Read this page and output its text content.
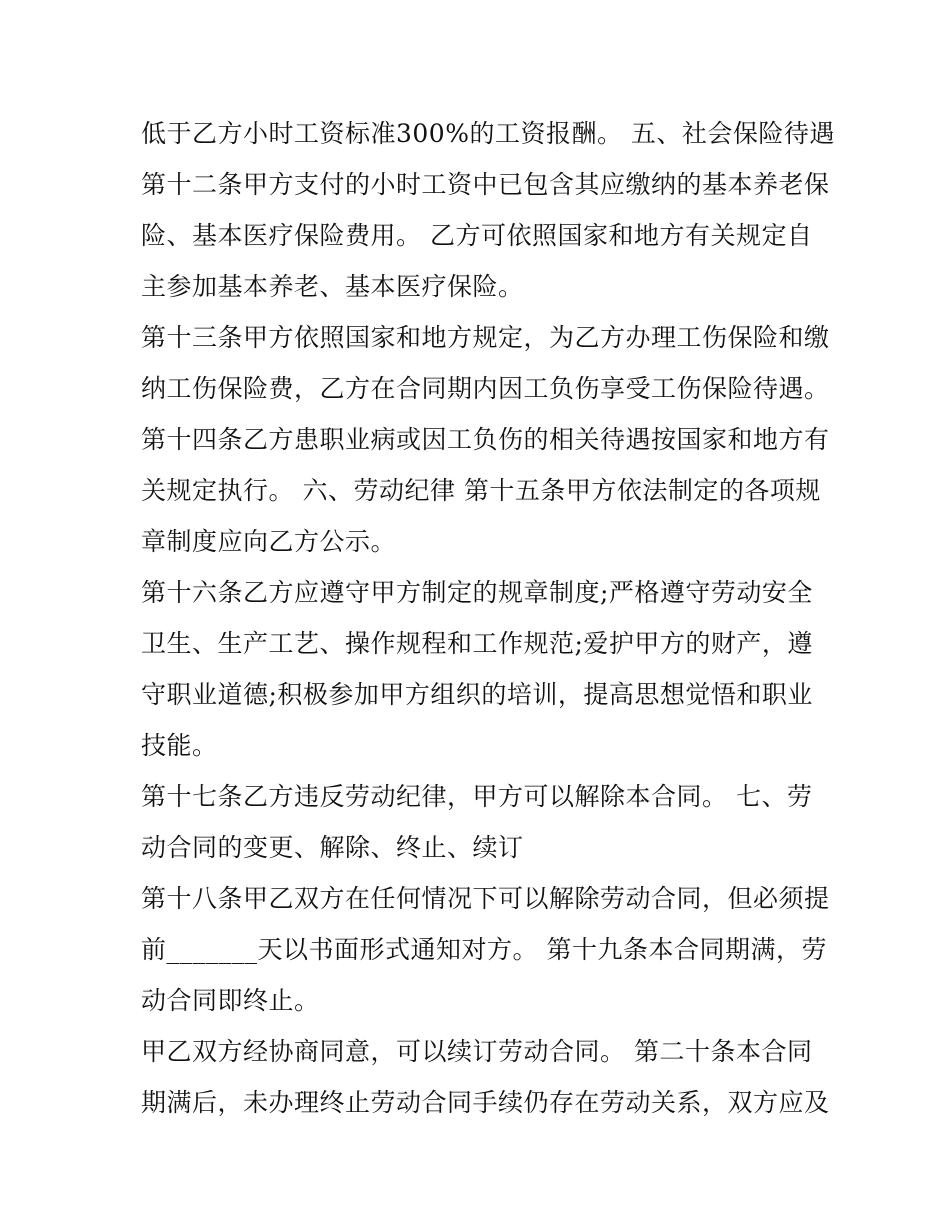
低于乙方小时工资标准300%的工资报酬。 五、社会保险待遇
第十二条甲方支付的小时工资中已包含其应缴纳的基本养老保
险、基本医疗保险费用。 乙方可依照国家和地方有关规定自
主参加基本养老、基本医疗保险。
第十三条甲方依照国家和地方规定，为乙方办理工伤保险和缴
纳工伤保险费，乙方在合同期内因工负伤享受工伤保险待遇。
第十四条乙方患职业病或因工负伤的相关待遇按国家和地方有
关规定执行。 六、劳动纪律 第十五条甲方依法制定的各项规
章制度应向乙方公示。
第十六条乙方应遵守甲方制定的规章制度;严格遵守劳动安全
卫生、生产工艺、操作规程和工作规范;爱护甲方的财产，遵
守职业道德;积极参加甲方组织的培训，提高思想觉悟和职业
技能。
第十七条乙方违反劳动纪律，甲方可以解除本合同。 七、劳
动合同的变更、解除、终止、续订
第十八条甲乙双方在任何情况下可以解除劳动合同，但必须提
前_______天以书面形式通知对方。 第十九条本合同期满，劳
动合同即终止。
甲乙双方经协商同意，可以续订劳动合同。 第二十条本合同
期满后，未办理终止劳动合同手续仍存在劳动关系，双方应及
